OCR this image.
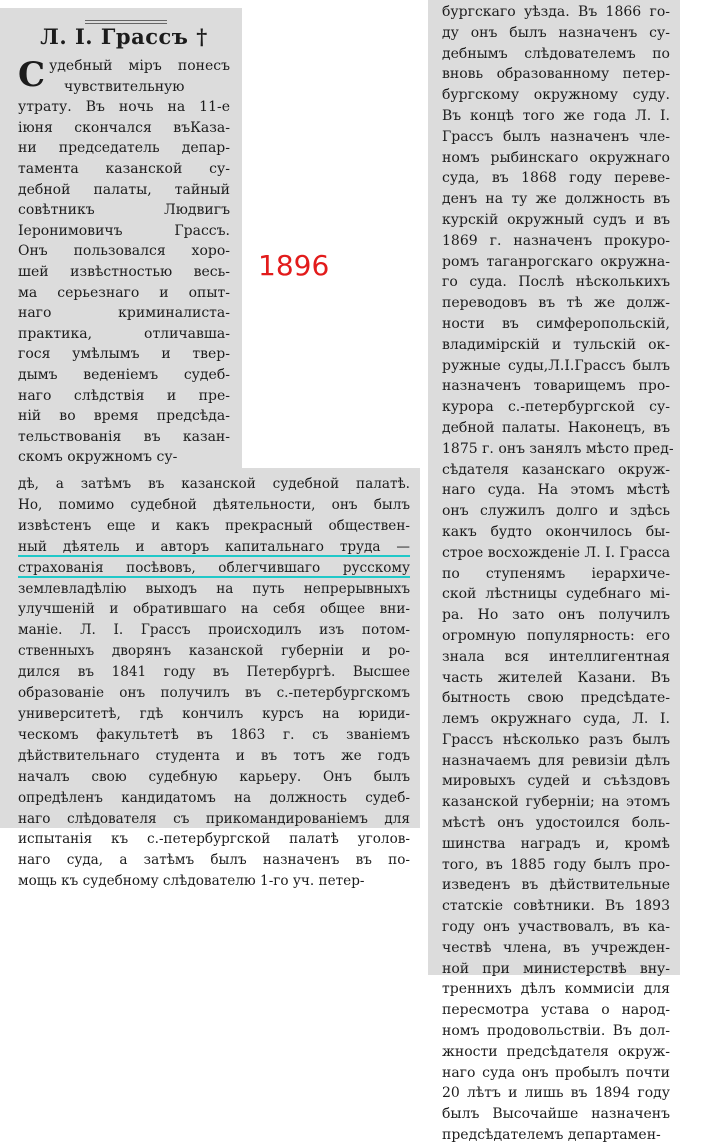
Л. I. Грассъ †
С удебный міръ понесъ
чувствительную
утрату. Въ ночь на 11-е
іюня скончался въКаза-
ни председатель депар-
тамента казанской су-
дебной палаты, тайный
совѣтникъ Людвигъ
Іеронимовичъ Грассъ.
Онъ пользовался хоро-
шей извѣстностью весь-
ма серьезнаго и опыт-
наго криминалиста-
практика, отличавша-
гося умѣлымъ и твер-
дымъ веденіемъ судеб-
наго слѣдствія и пре-
ній во время предсѣда-
тельствованія въ казан-
скомъ окружномъ су-
1896
дѣ, а затѣмъ въ казанской судебной палатѣ.
Но, помимо судебной дѣятельности, онъ былъ
извѣстенъ еще и какъ прекрасный обществен-
ный дѣятель и авторъ капитальнаго труда —
страхованія посѣвовъ, облегчившаго русскому
землевладѣлію выходъ на путь непрерывныхъ
улучшеній и обратившаго на себя общее вни-
маніе. Л. I. Грассъ происходилъ изъ потом-
ственныхъ дворянъ казанской губерніи и ро-
дился въ 1841 году въ Петербургѣ. Высшее
образованіе онъ получилъ въ с.-петербургскомъ
университетѣ, гдѣ кончилъ курсъ на юриди-
ческомъ факультетѣ въ 1863 г. съ званіемъ
дѣйствительнаго студента и въ тотъ же годъ
началъ свою судебную карьеру. Онъ былъ
опредѣленъ кандидатомъ на должность судеб-
наго слѣдователя съ прикомандированіемъ для
испытанія къ с.-петербургской палатѣ уголов-
наго суда, а затѣмъ былъ назначенъ въ по-
мощь къ судебному слѣдователю 1-го уч. петер-
бургскаго уѣзда. Въ 1866 го-
ду онъ былъ назначенъ су-
дебнымъ слѣдователемъ по
вновь образованному петер-
бургскому окружному суду.
Въ концѣ того же года Л. I.
Грассъ былъ назначенъ чле-
номъ рыбинскаго окружнаго
суда, въ 1868 году переве-
денъ на ту же должность въ
курскій окружный судъ и въ
1869 г. назначенъ прокуро-
ромъ таганрогскаго окружна-
го суда. Послѣ нѣсколькихъ
переводовъ въ тѣ же долж-
ности въ симферопольскій,
владимірскій и тульскій ок-
ружные суды,Л.I.Грассъ былъ
назначенъ товарищемъ про-
курора с.-петербургской су-
дебной палаты. Наконецъ, въ
1875 г. онъ занялъ мѣсто пред-
сѣдателя казанскаго окруж-
наго суда. На этомъ мѣстѣ
онъ служилъ долго и здѣсь
какъ будто окончилось бы-
строе восхожденіе Л. I. Грасса
по ступенямъ іерархиче-
ской лѣстницы судебнаго мі-
ра. Но зато онъ получилъ
огромную популярность: его
знала вся интеллигентная
часть жителей Казани. Въ
бытность свою предсѣдате-
лемъ окружнаго суда, Л. I.
Грассъ нѣсколько разъ былъ
назначаемъ для ревизіи дѣлъ
мировыхъ судей и съѣздовъ
казанской губерніи; на этомъ
мѣстѣ онъ удостоился боль-
шинства наградъ и, кромѣ
того, въ 1885 году былъ про-
изведенъ въ дѣйствительные
статскіе совѣтники. Въ 1893
году онъ участвовалъ, въ ка-
чествѣ члена, въ учрежден-
ной при министерствѣ вну-
треннихъ дѣлъ коммисіи для
пересмотра устава о народ-
номъ продовольствіи. Въ дол-
жности предсѣдателя окруж-
наго суда онъ пробылъ почти
20 лѣтъ и лишь въ 1894 году
былъ Высочайше назначенъ
предсѣдателемъ департамен-
